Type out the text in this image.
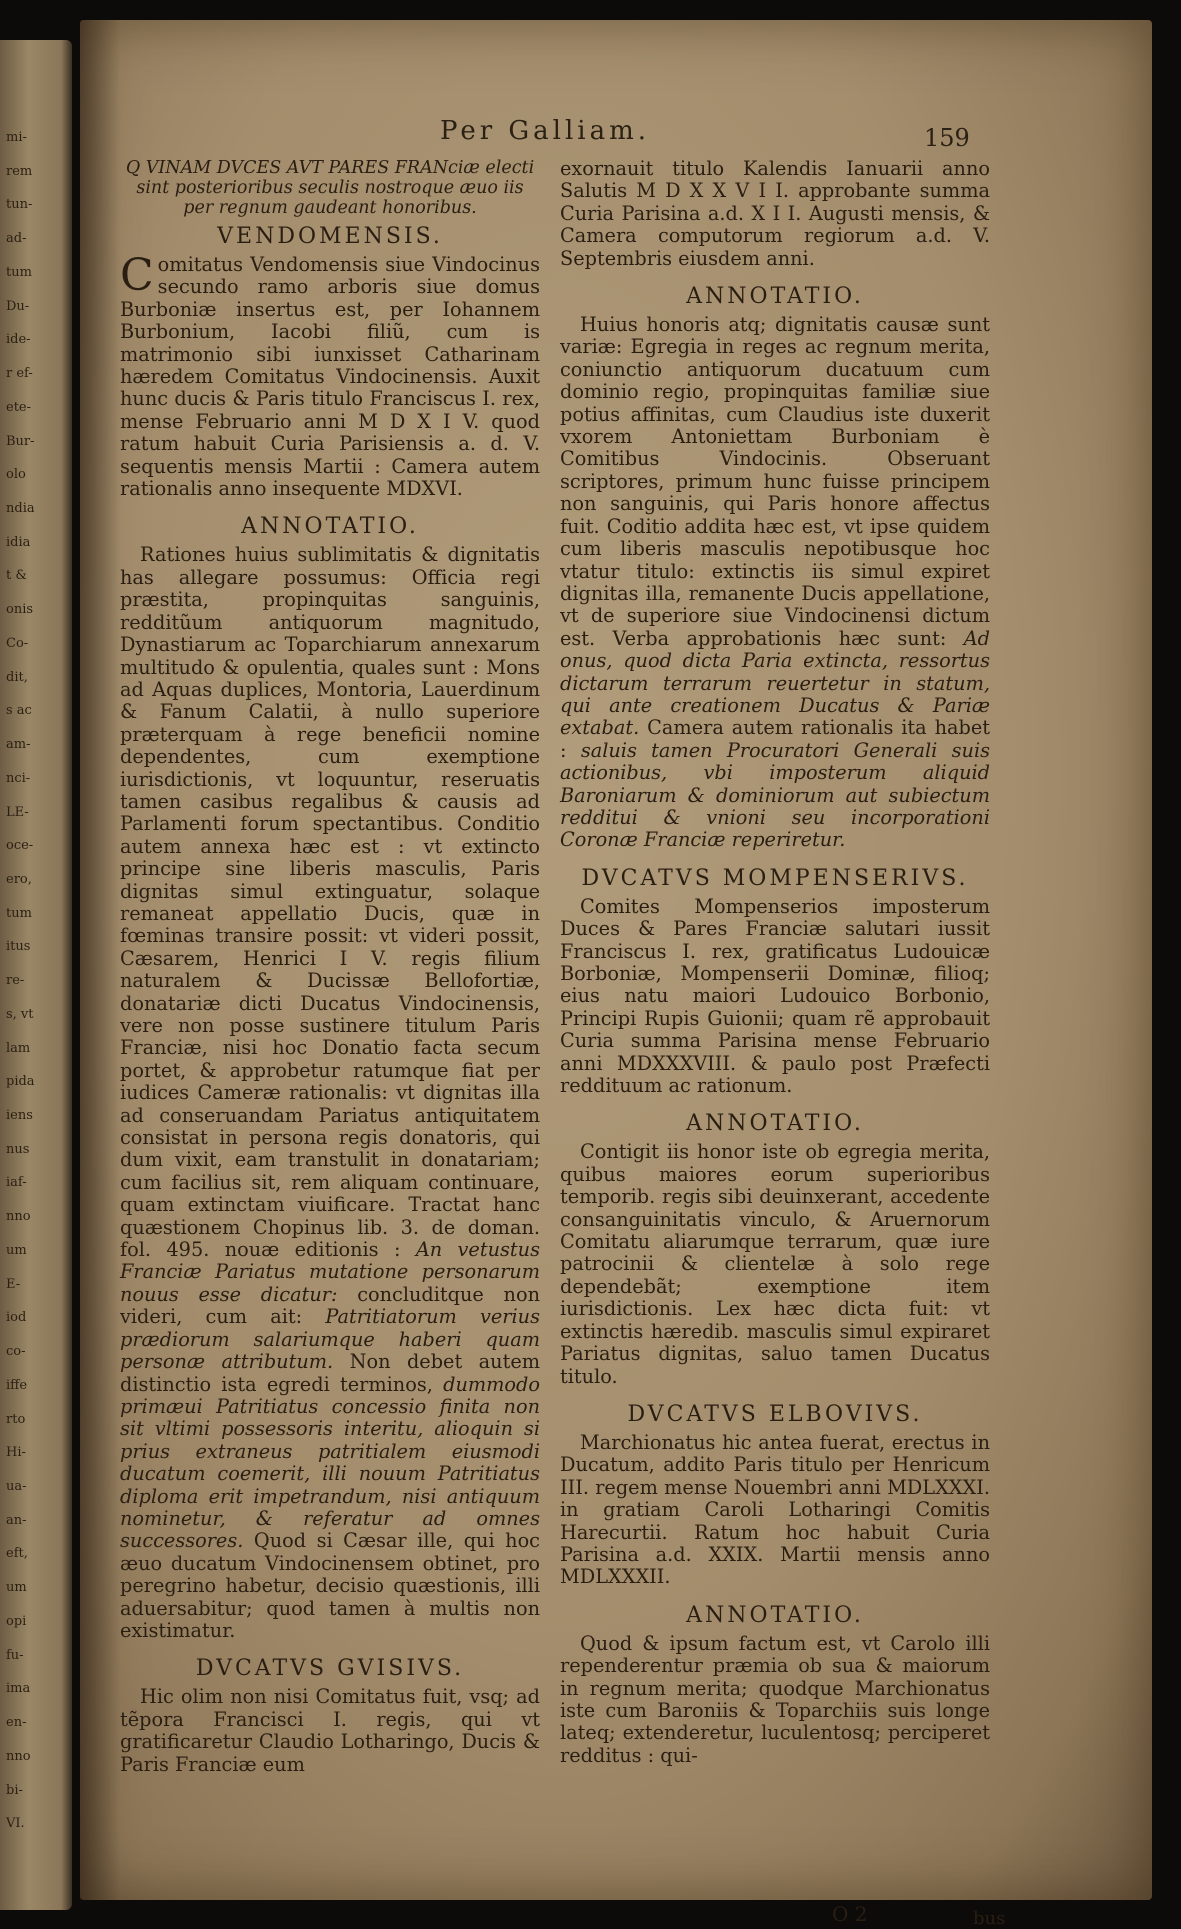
mi-
rem
tun-
ad-
tum
Du-
ide-
r ef-
ete-
Bur-
olo
ndia
idia
t &
onis
Co-
dit,
s ac
am-
nci-
LE-
oce-
ero,
tum
itus
re-
s, vt
lam
pida
iens
nus
iaf-
nno
um
E-
iod
co-
iffe
rto
Hi-
ua-
an-
eft,
um
opi
fu-
ima
en-
nno
bi-
VI.
Per Galliam.	159

Q VINAM DVCES AVT PARES FRANciæ electi sint posterioribus seculis nostroque æuo iis per regnum gaudeant honoribus.

VENDOMENSIS.

Comitatus Vendomensis siue Vindocinus secundo ramo arboris siue domus Burboniæ insertus est, per Iohannem Burbonium, Iacobi filiũ, cum is matrimonio sibi iunxisset Catharinam hæredem Comitatus Vindocinensis. Auxit hunc ducis & Paris titulo Franciscus I. rex, mense Februario anni M D X I V. quod ratum habuit Curia Parisiensis a. d. V. sequentis mensis Martii : Camera autem rationalis anno insequente MDXVI.

ANNOTATIO.

Rationes huius sublimitatis & dignitatis has allegare possumus: Officia regi præstita, propinquitas sanguinis, redditũum antiquorum magnitudo, Dynastiarum ac Toparchiarum annexarum multitudo & opulentia, quales sunt : Mons ad Aquas duplices, Montoria, Lauerdinum & Fanum Calatii, à nullo superiore præterquam à rege beneficii nomine dependentes, cum exemptione iurisdictionis, vt loquuntur, reseruatis tamen casibus regalibus & causis ad Parlamenti forum spectantibus. Conditio autem annexa hæc est : vt extincto principe sine liberis masculis, Paris dignitas simul extinguatur, solaque remaneat appellatio Ducis, quæ in fœminas transire possit: vt videri possit, Cæsarem, Henrici I V. regis filium naturalem & Ducissæ Bellofortiæ, donatariæ dicti Ducatus Vindocinensis, vere non posse sustinere titulum Paris Franciæ, nisi hoc Donatio facta secum portet, & approbetur ratumque fiat per iudices Cameræ rationalis: vt dignitas illa ad conseruandam Pariatus antiquitatem consistat in persona regis donatoris, qui dum vixit, eam transtulit in donatariam; cum facilius sit, rem aliquam continuare, quam extinctam viuificare. Tractat hanc quæstionem Chopinus lib. 3. de doman. fol. 495. nouæ editionis : An vetustus Franciæ Pariatus mutatione personarum nouus esse dicatur: concluditque non videri, cum ait: Patritiatorum verius prædiorum salariumque haberi quam personæ attributum. Non debet autem distinctio ista egredi terminos, dummodo primæui Patritiatus concessio finita non sit vltimi possessoris interitu, alioquin si prius extraneus patritialem eiusmodi ducatum coemerit, illi nouum Patritiatus diploma erit impetrandum, nisi antiquum nominetur, & referatur ad omnes successores. Quod si Cæsar ille, qui hoc æuo ducatum Vindocinensem obtinet, pro peregrino habetur, decisio quæstionis, illi aduersabitur; quod tamen à multis non existimatur.

DVCATVS GVISIVS.

Hic olim non nisi Comitatus fuit, vsq; ad tẽpora Francisci I. regis, qui vt gratificaretur Claudio Lotharingo, Ducis & Paris Franciæ eum

exornauit titulo Kalendis Ianuarii anno Salutis M D X X V I I. approbante summa Curia Parisina a.d. X I I. Augusti mensis, & Camera computorum regiorum a.d. V. Septembris eiusdem anni.

ANNOTATIO.

Huius honoris atq; dignitatis causæ sunt variæ: Egregia in reges ac regnum merita, coniunctio antiquorum ducatuum cum dominio regio, propinquitas familiæ siue potius affinitas, cum Claudius iste duxerit vxorem Antoniettam Burboniam è Comitibus Vindocinis. Obseruant scriptores, primum hunc fuisse principem non sanguinis, qui Paris honore affectus fuit. Coditio addita hæc est, vt ipse quidem cum liberis masculis nepotibusque hoc vtatur titulo: extinctis iis simul expiret dignitas illa, remanente Ducis appellatione, vt de superiore siue Vindocinensi dictum est. Verba approbationis hæc sunt: Ad onus, quod dicta Paria extincta, ressortus dictarum terrarum reuertetur in statum, qui ante creationem Ducatus & Pariæ extabat. Camera autem rationalis ita habet : saluis tamen Procuratori Generali suis actionibus, vbi imposterum aliquid Baroniarum & dominiorum aut subiectum redditui & vnioni seu incorporationi Coronæ Franciæ reperiretur.

DVCATVS MOMPENSERIVS.

Comites Mompenserios imposterum Duces & Pares Franciæ salutari iussit Franciscus I. rex, gratificatus Ludouicæ Borboniæ, Mompenserii Dominæ, filioq; eius natu maiori Ludouico Borbonio, Principi Rupis Guionii; quam rẽ approbauit Curia summa Parisina mense Februario anni MDXXXVIII. & paulo post Præfecti reddituum ac rationum.

ANNOTATIO.

Contigit iis honor iste ob egregia merita, quibus maiores eorum superioribus temporib. regis sibi deuinxerant, accedente consanguinitatis vinculo, & Aruernorum Comitatu aliarumque terrarum, quæ iure patrocinii & clientelæ à solo rege dependebãt; exemptione item iurisdictionis. Lex hæc dicta fuit: vt extinctis hæredib. masculis simul expiraret Pariatus dignitas, saluo tamen Ducatus titulo.

DVCATVS ELBOVIVS.

Marchionatus hic antea fuerat, erectus in Ducatum, addito Paris titulo per Henricum III. regem mense Nouembri anni MDLXXXI. in gratiam Caroli Lotharingi Comitis Harecurtii. Ratum hoc habuit Curia Parisina a.d. XXIX. Martii mensis anno MDLXXXII.

ANNOTATIO.

Quod & ipsum factum est, vt Carolo illi rependerentur præmia ob sua & maiorum in regnum merita; quodque Marchionatus iste cum Baroniis & Toparchiis suis longe lateq; extenderetur, luculentosq; perciperet redditus : qui-

O 2	bus
